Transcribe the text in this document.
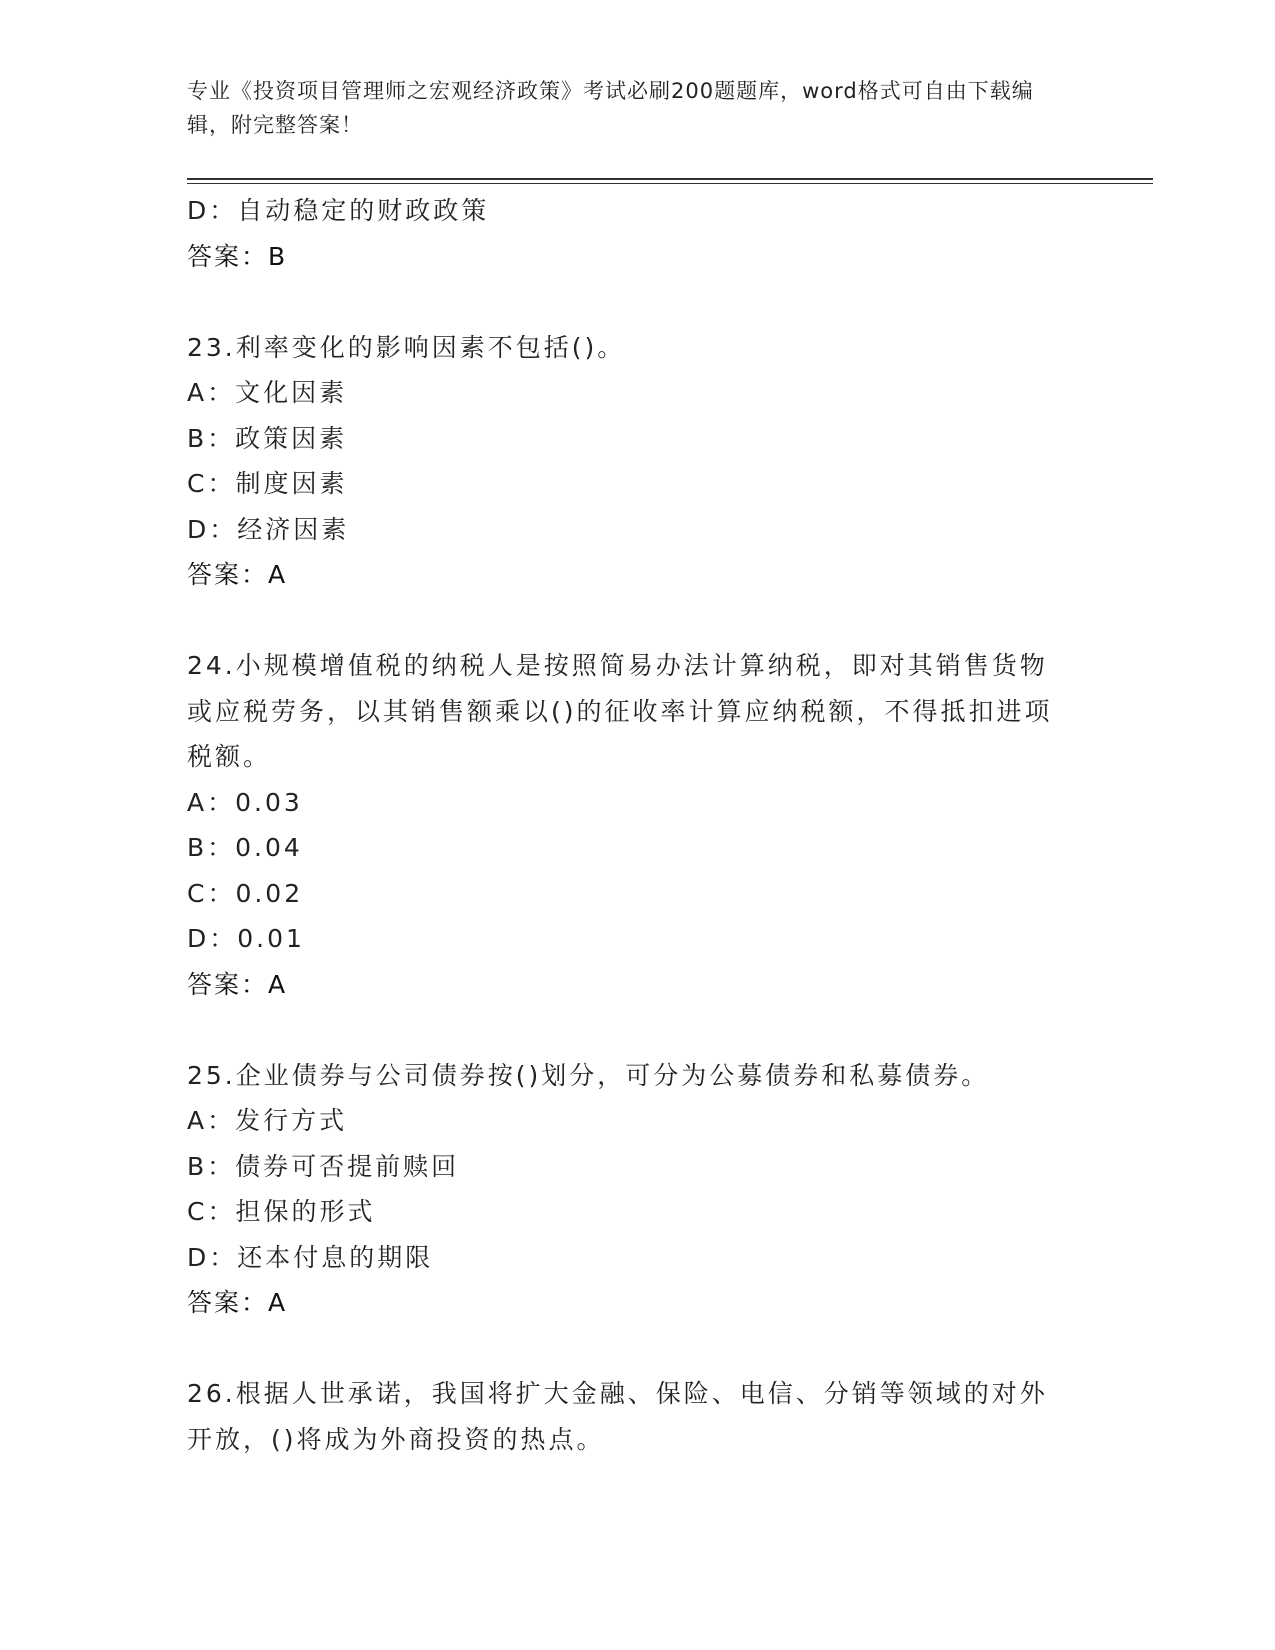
专业《投资项目管理师之宏观经济政策》考试必刷200题题库，word格式可自由下载编辑，附完整答案！
D：自动稳定的财政政策
答案：B
23.利率变化的影响因素不包括()。
A：文化因素
B：政策因素
C：制度因素
D：经济因素
答案：A
24.小规模增值税的纳税人是按照简易办法计算纳税，即对其销售货物或应税劳务，以其销售额乘以()的征收率计算应纳税额，不得抵扣进项税额。
A：0.03
B：0.04
C：0.02
D：0.01
答案：A
25.企业债券与公司债券按()划分，可分为公募债券和私募债券。
A：发行方式
B：债券可否提前赎回
C：担保的形式
D：还本付息的期限
答案：A
26.根据人世承诺，我国将扩大金融、保险、电信、分销等领域的对外开放，()将成为外商投资的热点。
